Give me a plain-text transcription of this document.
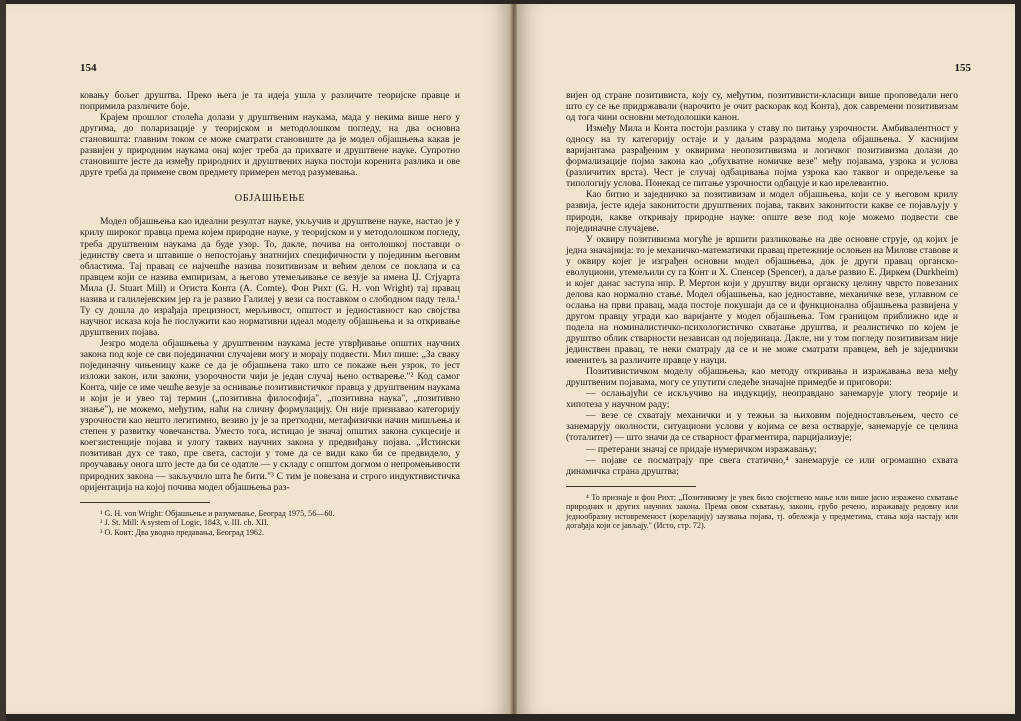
154

ковању бољег друштва. Преко њега је та идеја ушла у различите теоријске правце и попримила различите боје.

Крајем прошлог столећа долази у друштвеним наукама, мада у некима више него у другима, до поларизације у теоријском и методолошком погледу, на два основна становишта: главним током се може сматрати становиште да је модел објашњења какав је развијен у природним наукама онај којег треба да прихвате и друштвене науке. Супротно становиште јесте да између природних и друштвених наука постоји коренита разлика и ове друге треба да примене свом предмету примерен метод разумевања.

ОБЈАШЊЕЊЕ

Модел објашњења као идеални резултат науке, укључив и друштвене науке, настао је у крилу широког правца према којем природне науке, у теоријском и у методолошком погледу, треба друштвеним наукама да буде узор. То, дакле, почива на онтолошкој поставци о јединству света и штавише о непостојању знатнијих специфичности у појединим његовим областима. Тај правац се најчешће назива позитивизам и већим делом се поклапа и са правцем који се назива емпиризам, а његово утемељивање се везује за имена Џ. Стјуарта Мила (J. Stuart Mill) и Огиста Конта (A. Comte). Фон Рихт (G. H. von Wright) тај правац назива и галилејевским јер га је развио Галилеј у вези са поставком о слободном паду тела.¹ Ту су дошла до израђаја прецизност, мерљивост, општост и једноставност као својства научног исказа која ће послужити као нормативни идеал моделу објашњења и за откривање друштвених појава.

Језгро модела објашњења у друштвеним наукама јесте утврђивање општих научних закона под које се сви појединачни случајеви могу и морају подвести. Мил пише: „За сваку појединачну чињеницу каже се да је објашњена тако што се покаже њен узрок, то јест изложи закон, или закони, узорочности чији је један случај њено остварење."² Код самог Конта, чије се име чешће везује за оснивање позитивистичког правца у друштвеним наукама и који је и увео тај термин („позитивна философија", „позитивна наука", „позитивно знање"), не можемо, међутим, наћи на сличну формулацију. Он није признавао категорију узрочности као нешто легитимно, везиво ју је за претходни, метафизички начин мишљења и степен у развитку човечанства. Уместо тога, истицао је значај општих закона сукцесије и коегзистенције појава и улогу таквих научних закона у предвиђању појава. „Истински позитиван дух се тако, пре света, састоји у томе да се види како би се предвидело, у проучавању онога што јесте да би се одатле — у складу с општом догмом о непромењивости природних закона — закључило шта ће бити."³ С тим је повезана и строго индуктивистичка оријентација на којој почива модел објашњења раз-

¹ G. H. von Wright: Објашњење и разумевање, Београд 1975, 56—60.

² J. St. Mill: A system of Logic, 1843, v. III. ch. XII.

³ О. Конт: Два уводна предавања, Београд 1962.

155

вијен од стране позитивиста, коју су, међутим, позитивисти-класици више проповедали него што су се ње придржавали (нарочито је очит раскорак код Конта), док савремени позитивизам од тога чини основни методолошки канон.

Између Мила и Конта постоји разлика у ставу по питању узрочности. Амбивалентност у односу на ту категорију остаје и у даљим разрадама модела објашњења. У каснијим варијантама разрађеним у оквирима неопозитивизма и логичког позитивизма долази до формализације појма закона као „обухватне номичке везе" међу појавама, узрока и услова (различитих врста). Чест је случај одбацивања појма узрока као таквог и опредељење за типологију услова. Понекад се питање узрочности одбацује и као ирелевантно.

Као битно и заједничко за позитивизам и модел објашњења, који се у његовом крилу развија, јесте идеја законитости друштвених појава, таквих законитости какве се појављују у природи, какве откривају природне науке: опште везе под које можемо подвести све појединачне случајеве.

У оквиру позитивизма могуће је вршити разликовање на две основне струје, од којих је једна значајнија: то је механичко-математички правац претежније ослоњен на Милове ставове и у оквиру којег је изграђен основни модел објашњења, док је други правац органско-еволуциони, утемељили су га Конт и Х. Спенсер (Spencer), а даље развио Е. Диркем (Durkheim) и којег данас заступа нпр. Р. Мертон који у друштву види органску целину чврсто повезаних делова као нормално стање. Модел објашњења, као једноставне, механичке везе, углавном се ослања на први правац, мада постоје покушаји да се и функционална објашњења развијена у другом правцу угради као варијанте у модел објашњења. Том границом приближно иде и подела на номиналистичко-психологистичко схватање друштва, и реалистичко по којем је друштво облик стварности независан од појединаца. Дакле, ни у том погледу позитивизам није јединствен правац, те неки сматрају да се и не може сматрати правцем, већ је заједнички именитељ за различите правце у науци.

Позитивистичком моделу објашњења, као методу откривања и изражавања веза међу друштвеним појавама, могу се упутити следеће значајне примедбе и приговори:

— ослањајући се искључиво на индукцију, неоправдано занемарује улогу теорије и хипотеза у научном раду;

— везе се схватају механички и у тежњи за њиховим поједностављењем, често се занемарују околности, ситуациони услови у којима се веза остварује, занемарује се целина (тоталитет) — што значи да се стварност фрагментира, парцијализује;

— претерани значај се придаје нумеричком изражавању;

— појаве се посматрају пре свега статично,⁴ занемарује се или огромашно схвата динамичка страна друштва;

⁴ То признаје и фон Рихт: „Позитивизму је увек било својствено мање или више јасно изражено схватање природних и других научних закона. Према овом схватању, закони, грубо речено, изражавају редовну или једнообразну истовременост (корелацију) заузвања појава, тј. обележја у предметима, стања која настају или догађаја који се јављају." (Исто, стр. 72).
